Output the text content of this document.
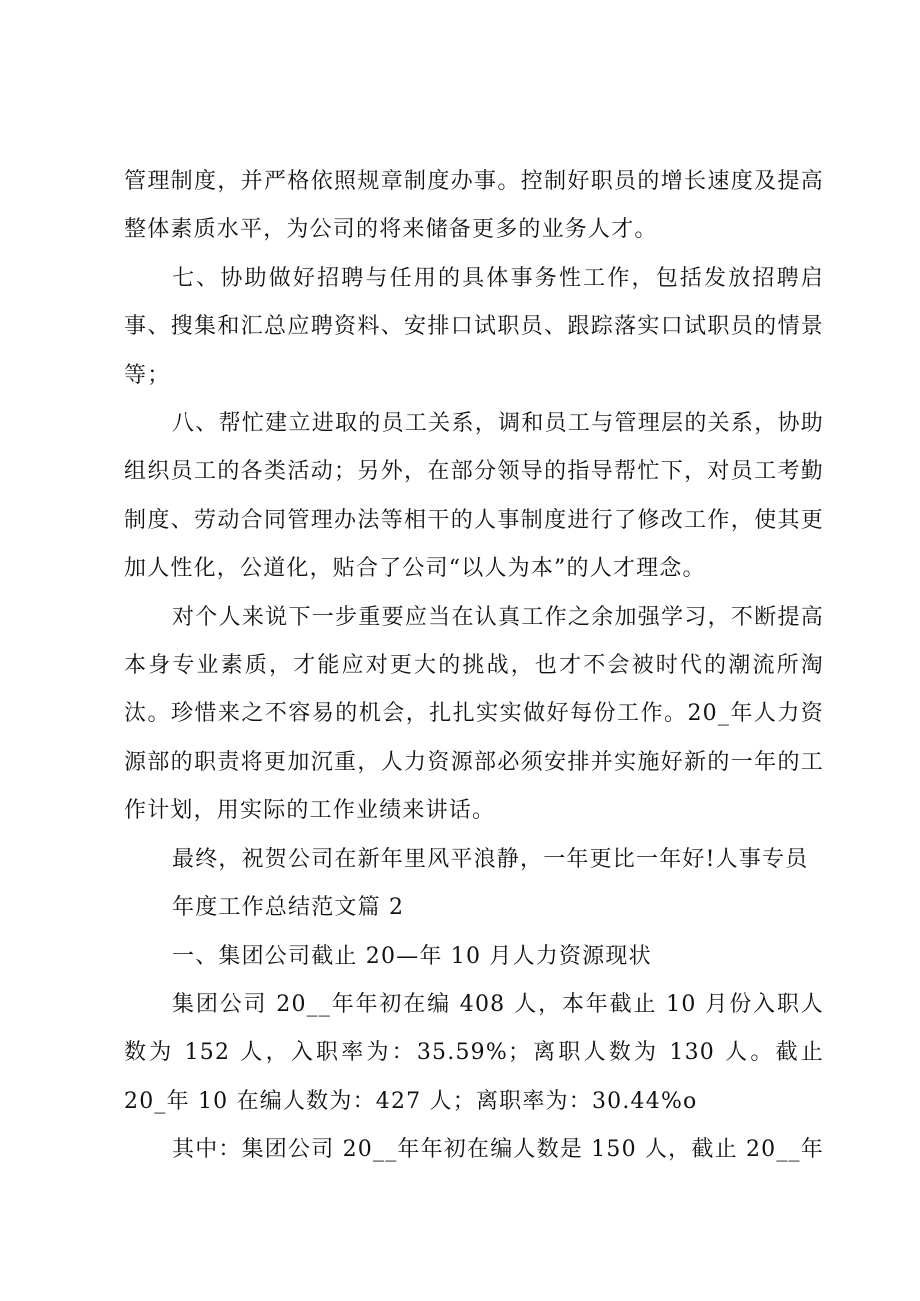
管理制度，并严格依照规章制度办事。控制好职员的增长速度及提高整体素质水平，为公司的将来储备更多的业务人才。

七、协助做好招聘与任用的具体事务性工作，包括发放招聘启事、搜集和汇总应聘资料、安排口试职员、跟踪落实口试职员的情景等；

八、帮忙建立进取的员工关系，调和员工与管理层的关系，协助组织员工的各类活动；另外，在部分领导的指导帮忙下，对员工考勤制度、劳动合同管理办法等相干的人事制度进行了修改工作，使其更加人性化，公道化，贴合了公司“以人为本”的人才理念。

对个人来说下一步重要应当在认真工作之余加强学习，不断提高本身专业素质，才能应对更大的挑战，也才不会被时代的潮流所淘汰。珍惜来之不容易的机会，扎扎实实做好每份工作。20_年人力资源部的职责将更加沉重，人力资源部必须安排并实施好新的一年的工作计划，用实际的工作业绩来讲话。

最终，祝贺公司在新年里风平浪静，一年更比一年好!人事专员

年度工作总结范文篇 2

一、集团公司截止 20—年 10 月人力资源现状

集团公司 20__年年初在编 408 人，本年截止 10 月份入职人数为 152 人，入职率为：35.59%；离职人数为 130 人。截止 20_年 10 在编人数为：427 人；离职率为：30.44%o

其中：集团公司 20__年年初在编人数是 150 人，截止 20__年
